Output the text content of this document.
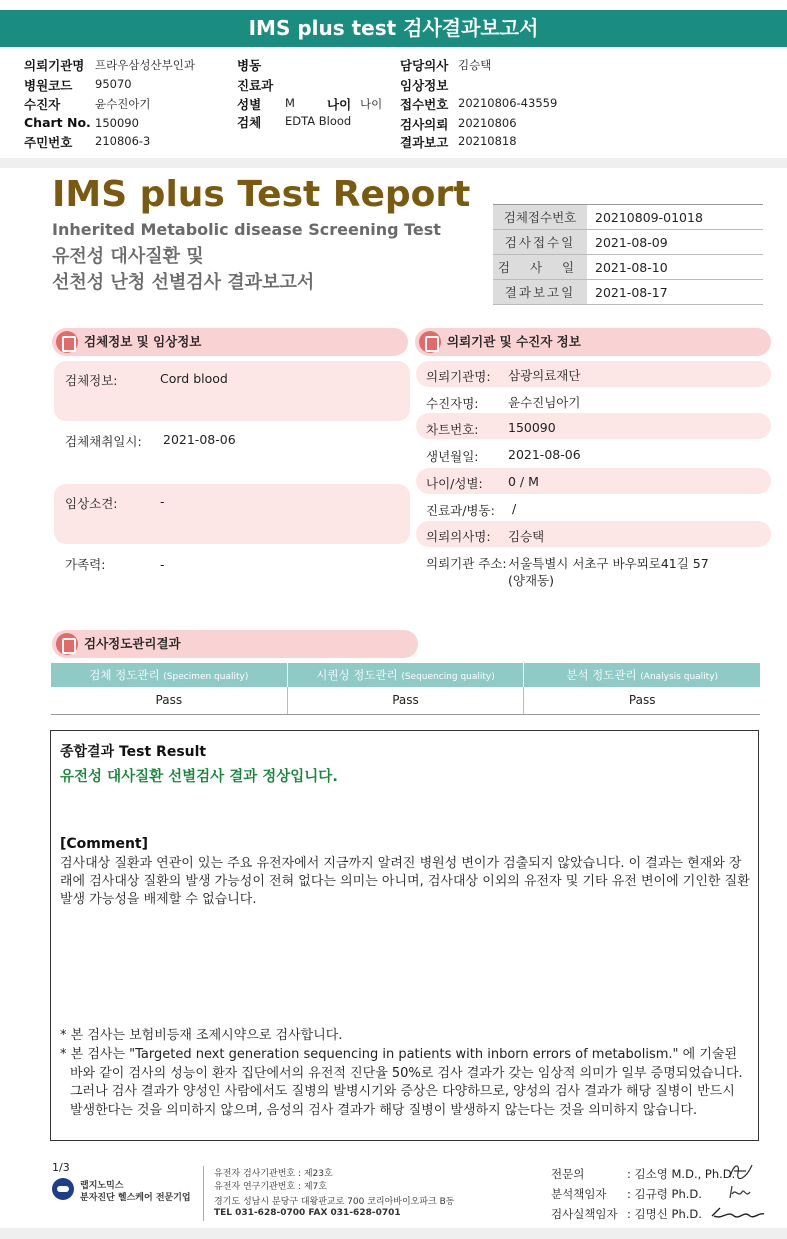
IMS plus test 검사결과보고서
의뢰기관명 프라우삼성산부인과
병원코드 95070
수진자	윤수진아기
Chart No. 150090
주민번호 210806-3
병동
진료과
성별 M	나이 나이
검체 EDTA Blood
담당의사 김승택
임상정보
접수번호 20210806-43559
검사의뢰 20210806
결과보고 20210818
IMS plus Test Report
Inherited Metabolic disease Screening Test
유전성 대사질환 및
선천성 난청 선별검사 결과보고서
검체접수번호	20210809-01018
검사접수일	2021-08-09
검 사 일	2021-08-10
결과보고일	2021-08-17
검체정보 및 임상정보
검체정보:	Cord blood
검체채취일시: 2021-08-06
임상소견:	-
가족력:	-
의뢰기관 및 수진자 정보
의뢰기관명: 삼광의료재단
수진자명: 윤수진님아기
차트번호: 150090
생년월일: 2021-08-06
나이/성별: 0 / M
진료과/병동: /
의뢰의사명: 김승택
의뢰기관 주소: 서울특별시 서초구 바우뫼로41길 57
(양재동)
검사정도관리결과
검체 정도관리 (Specimen quality)	시퀀싱 정도관리 (Sequencing quality)	분석 정도관리 (Analysis quality)
Pass	Pass	Pass
종합결과 Test Result
유전성 대사질환 선별검사 결과 정상입니다.
[Comment]
검사대상 질환과 연관이 있는 주요 유전자에서 지금까지 알려진 병원성 변이가 검출되지 않았습니다. 이 결과는 현재와 장래에 검사대상 질환의 발생 가능성이 전혀 없다는 의미는 아니며, 검사대상 이외의 유전자 및 기타 유전 변이에 기인한 질환 발생 가능성을 배제할 수 없습니다.
* 본 검사는 보험비등재 조제시약으로 검사합니다.
* 본 검사는 "Targeted next generation sequencing in patients with inborn errors of metabolism." 에 기술된 바와 같이 검사의 성능이 환자 집단에서의 유전적 진단율 50%로 검사 결과가 갖는 임상적 의미가 일부 증명되었습니다. 그러나 검사 결과가 양성인 사람에서도 질병의 발병시기와 증상은 다양하므로, 양성의 검사 결과가 해당 질병이 반드시 발생한다는 것을 의미하지 않으며, 음성의 검사 결과가 해당 질병이 발생하지 않는다는 것을 의미하지 않습니다.
1/3
랩지노믹스
분자진단 헬스케어 전문기업
유전자 검사기관번호 : 제23호
유전자 연구기관번호 : 제7호
경기도 성남시 분당구 대왕판교로 700 코리아바이오파크 B동
TEL 031-628-0700 FAX 031-628-0701
전문의	: 김소영 M.D., Ph.D.
분석책임자 : 김규령 Ph.D.
검사실책임자 : 김명신 Ph.D.
